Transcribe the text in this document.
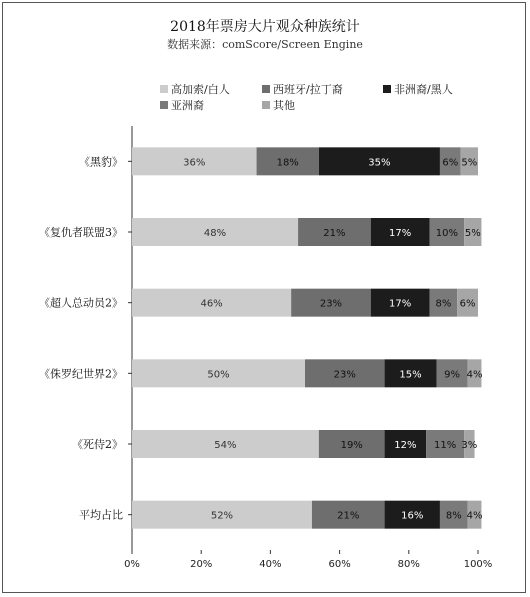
2018年票房大片观众种族统计
数据来源：comScore/Screen Engine
高加索/白人	西班牙/拉丁裔	非洲裔/黑人
亚洲裔	其他
0%	20%	40%	60%	80%	100%
《黑豹》
《复仇者联盟3》
《超人总动员2》
《侏罗纪世界2》
《死侍2》
平均占比
36%	18%	35%	6% 5%
48%	21%	17% 10% 5%
46%	23%	17% 8% 6%
50%	23%	15% 9% 4%
54%	19%	12% 11% 3%
52%	21%	16% 8% 4%
